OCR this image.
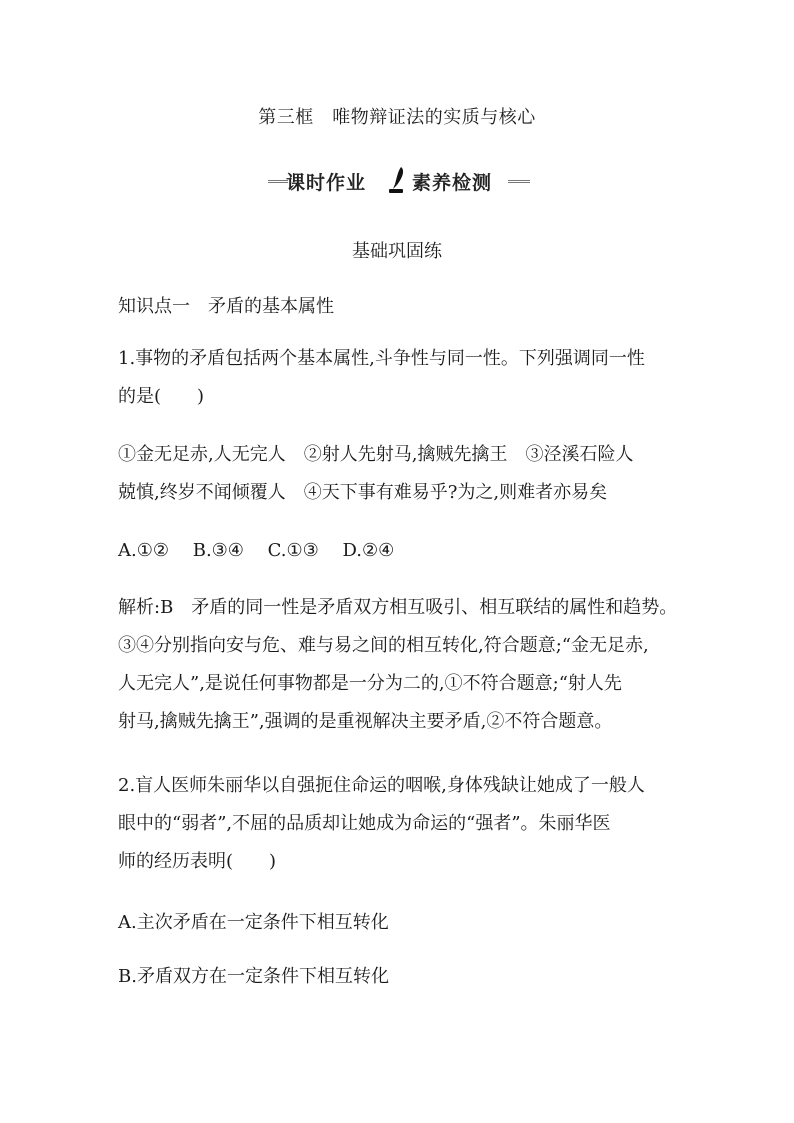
第三框　唯物辩证法的实质与核心
课时作业 素养检测
基础巩固练

知识点一　矛盾的基本属性

1.事物的矛盾包括两个基本属性,斗争性与同一性。下列强调同一性

的是(　　)

①金无足赤,人无完人　②射人先射马,擒贼先擒王　③泾溪石险人

兢慎,终岁不闻倾覆人　④天下事有难易乎?为之,则难者亦易矣

A.①②　 B.③④　 C.①③　 D.②④

解析:B　矛盾的同一性是矛盾双方相互吸引、相互联结的属性和趋势。

③④分别指向安与危、难与易之间的相互转化,符合题意;“金无足赤,

人无完人”,是说任何事物都是一分为二的,①不符合题意;“射人先

射马,擒贼先擒王”,强调的是重视解决主要矛盾,②不符合题意。

2.盲人医师朱丽华以自强扼住命运的咽喉,身体残缺让她成了一般人

眼中的“弱者”,不屈的品质却让她成为命运的“强者”。朱丽华医

师的经历表明(　　)

A.主次矛盾在一定条件下相互转化

B.矛盾双方在一定条件下相互转化
